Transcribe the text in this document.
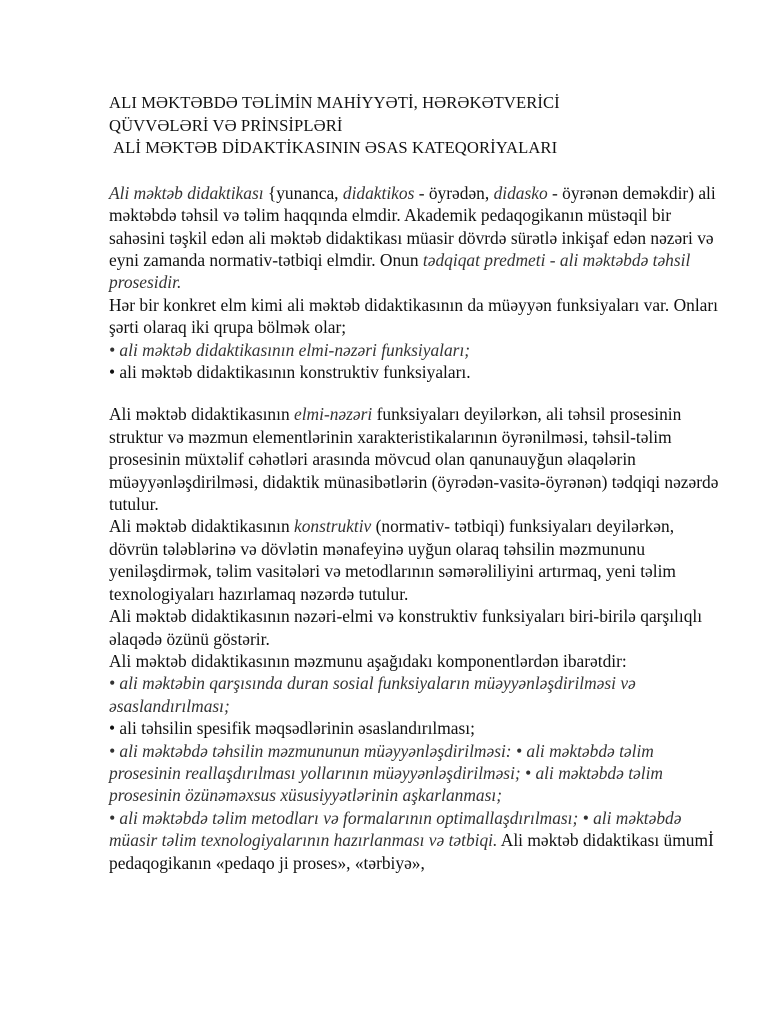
ALI MƏKTƏBDƏ TƏLİMİN MAHİYYƏTİ, HƏRƏKƏTVERİCİ

QÜVVƏLƏRİ VƏ PRİNSİPLƏRİ

ALİ MƏKTƏB DİDAKTİKASININ ƏSAS KATEQORİYALARI

Ali məktəb didaktikası {yunanca, didaktikos - öyrədən, didasko - öyrənən deməkdir) ali məktəbdə təhsil və təlim haqqında elmdir. Akademik pedaqogikanın müstəqil bir sahəsini təşkil edən ali məktəb didaktikası müasir dövrdə sürətlə inkişaf edən nəzəri və eyni zamanda normativ-tətbiqi elmdir. Onun tədqiqat predmeti - ali məktəbdə təhsil prosesidir.

Hər bir konkret elm kimi ali məktəb didaktikasının da müəyyən funksiyaları var. Onları şərti olaraq iki qrupa bölmək olar;

• ali məktəb didaktikasının elmi-nəzəri funksiyaları;

• ali məktəb didaktikasının konstruktiv funksiyaları.

Ali məktəb didaktikasının elmi-nəzəri funksiyaları deyilərkən, ali təhsil prosesinin struktur və məzmun elementlərinin xarakteristikalarının öyrənilməsi, təhsil-təlim prosesinin müxtəlif cəhətləri arasında mövcud olan qanunauyğun əlaqələrin müəyyənləşdirilməsi, didaktik münasibətlərin (öyrədən-vasitə-öyrənən) tədqiqi nəzərdə tutulur.

Ali məktəb didaktikasının konstruktiv (normativ- tətbiqi) funksiyaları deyilərkən, dövrün tələblərinə və dövlətin mənafeyinə uyğun olaraq təhsilin məzmununu yeniləşdirmək, təlim vasitələri və metodlarının səmərəliliyini artırmaq, yeni təlim texnologiyaları hazırlamaq nəzərdə tutulur.

Ali məktəb didaktikasının nəzəri-elmi və konstruktiv funksiyaları biri-birilə qarşılıqlı əlaqədə özünü göstərir.

Ali məktəb didaktikasının məzmunu aşağıdakı komponentlərdən ibarətdir:

• ali məktəbin qarşısında duran sosial funksiyaların müəyyənləşdirilməsi və əsaslandırılması;

• ali təhsilin spesifik məqsədlərinin əsaslandırılması;

• ali məktəbdə təhsilin məzmununun müəyyənləşdirilməsi: • ali məktəbdə təlim prosesinin reallaşdırılması yollarının müəyyənləşdirilməsi; • ali məktəbdə təlim prosesinin özünəməxsus xüsusiyyətlərinin aşkarlanması;

• ali məktəbdə təlim metodları və formalarının optimallaşdırılması; • ali məktəbdə müasir təlim texnologiyalarının hazırlanması və tətbiqi. Ali məktəb didaktikası ümumİ pedaqogikanın «pedaqo ji proses», «tərbiyə»,
